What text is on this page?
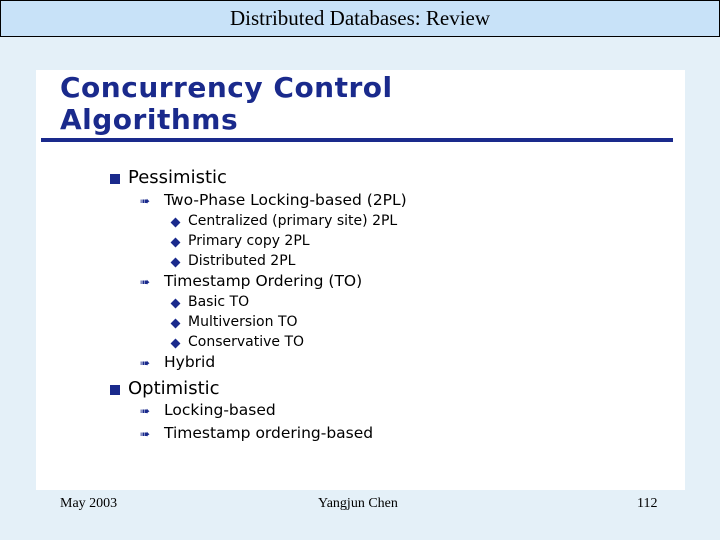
Distributed Databases: Review
Concurrency Control
Algorithms
Pessimistic
➠ Two-Phase Locking-based (2PL)
Centralized (primary site) 2PL
Primary copy 2PL
Distributed 2PL
➠ Timestamp Ordering (TO)
Basic TO
Multiversion TO
Conservative TO
➠ Hybrid
Optimistic
➠ Locking-based
➠ Timestamp ordering-based
May 2003	Yangjun Chen	112
